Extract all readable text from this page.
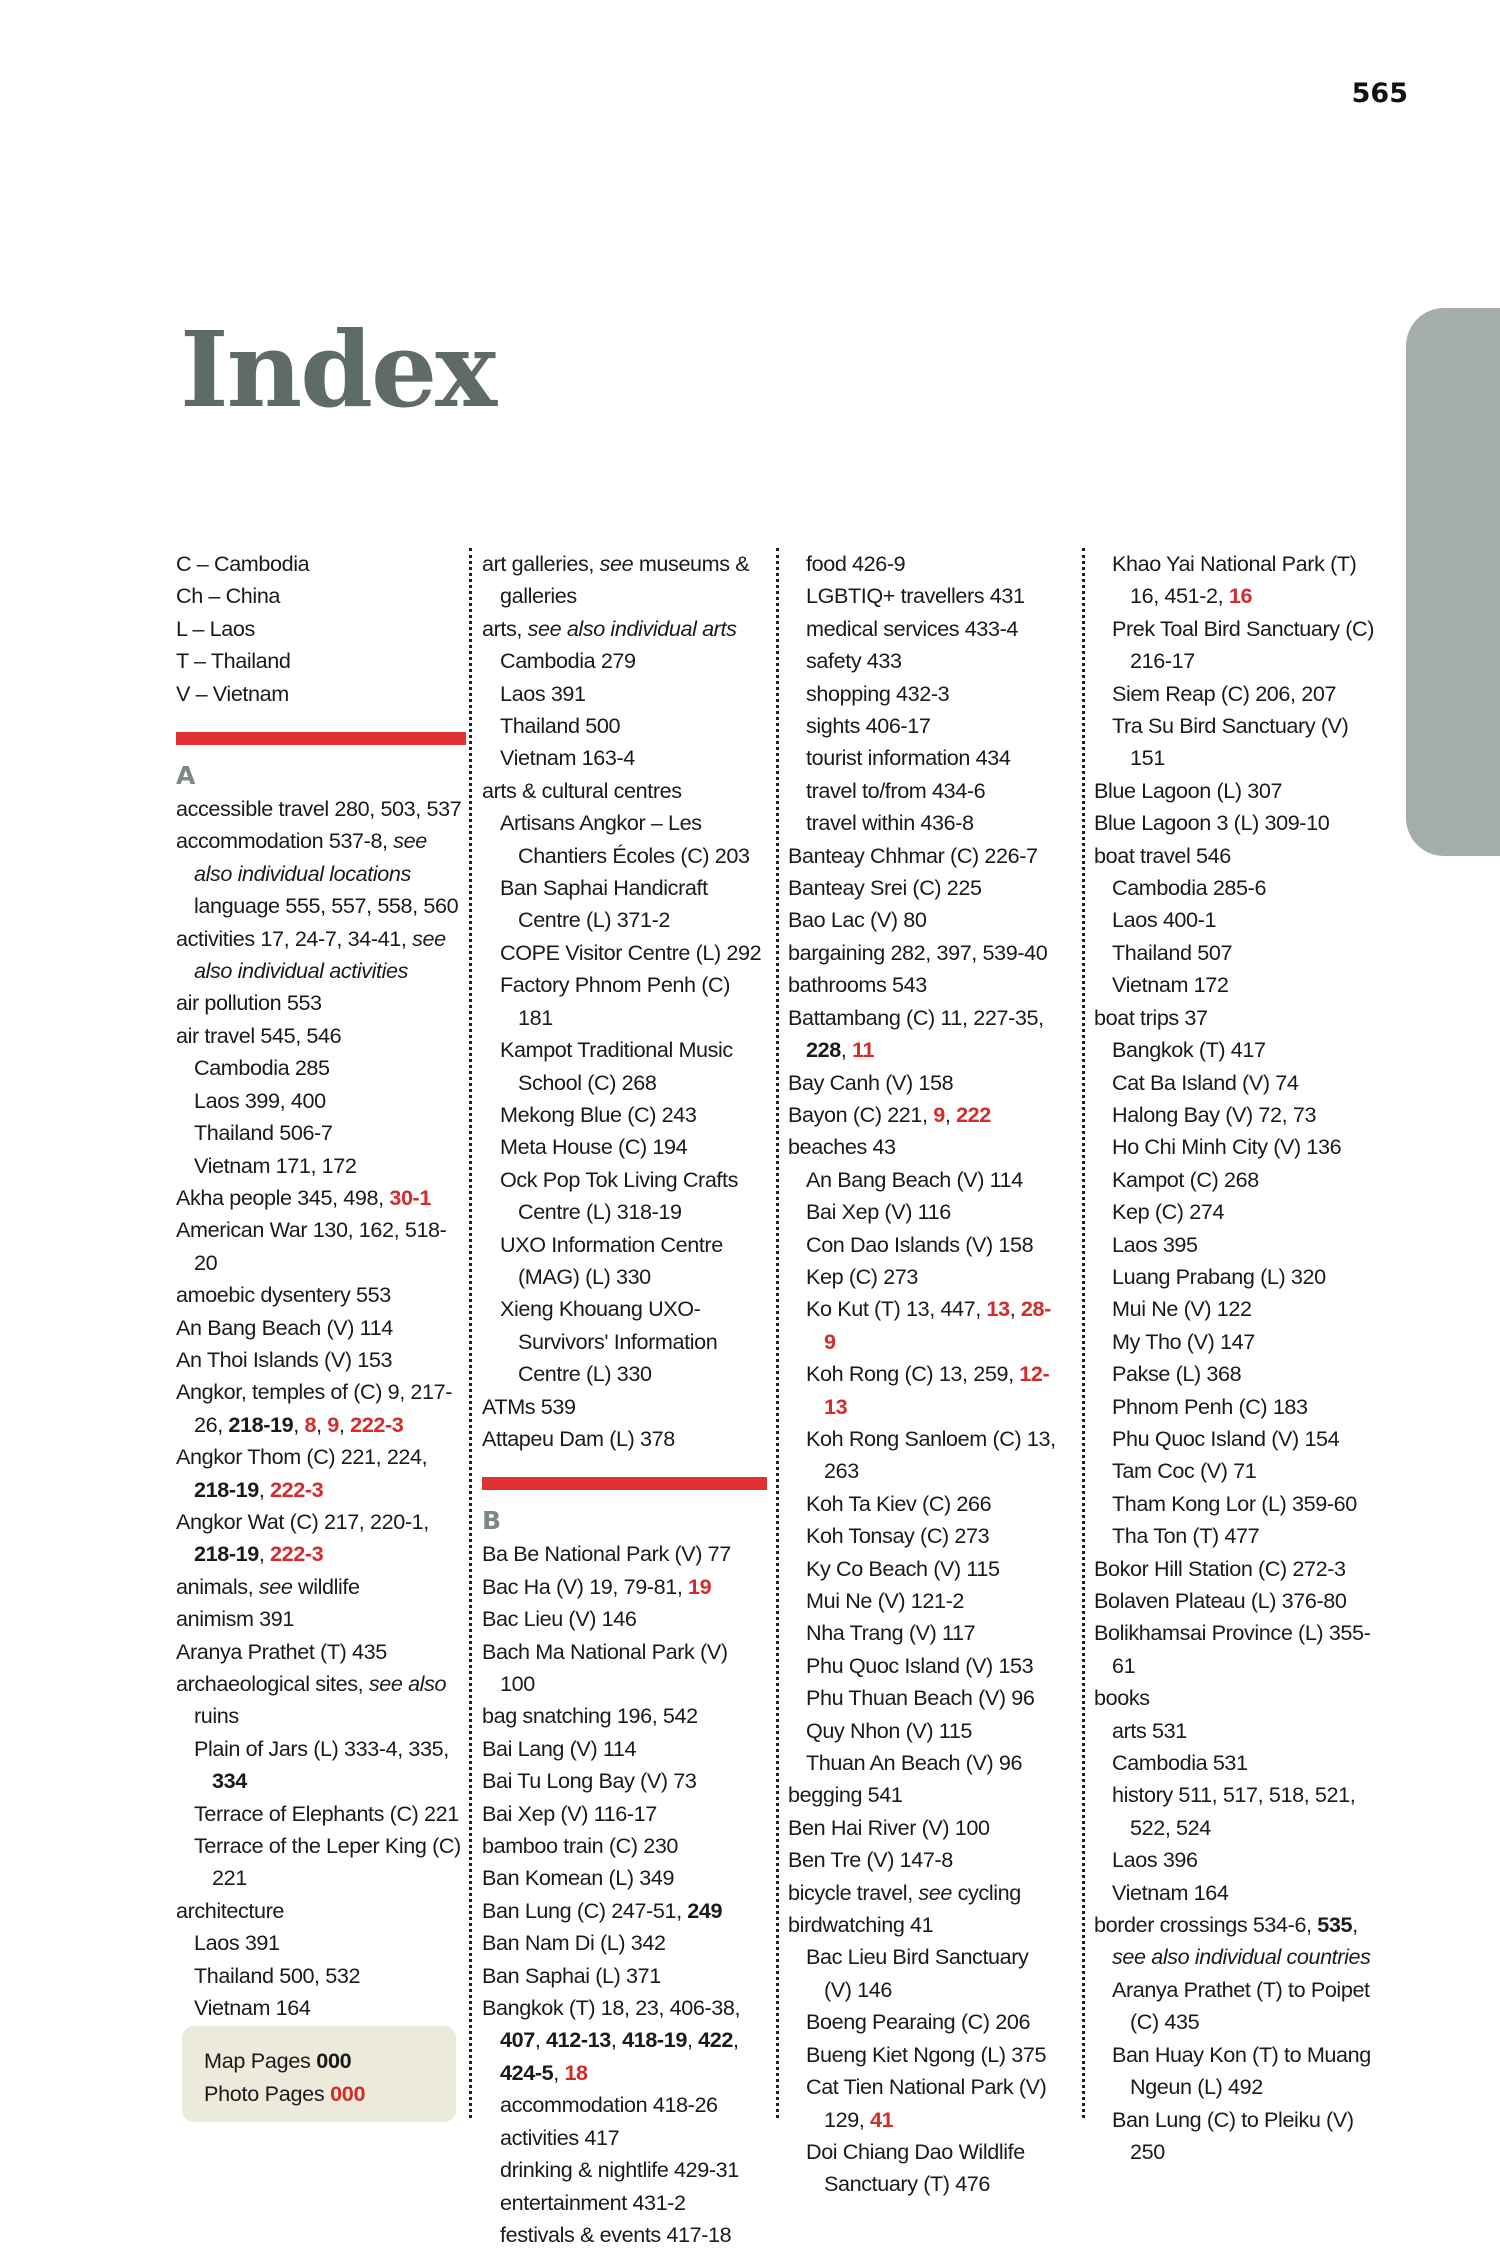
565
Index

C – Cambodia

Ch – China

L – Laos

T – Thailand

V – Vietnam

A

accessible travel 280, 503, 537

accommodation 537-8, see also individual locations

language 555, 557, 558, 560

activities 17, 24-7, 34-41, see also individual activities

air pollution 553

air travel 545, 546

Cambodia 285

Laos 399, 400

Thailand 506-7

Vietnam 171, 172

Akha people 345, 498, 30-1

American War 130, 162, 518-20

amoebic dysentery 553

An Bang Beach (V) 114

An Thoi Islands (V) 153

Angkor, temples of (C) 9, 217-26, 218-19, 8, 9, 222-3

Angkor Thom (C) 221, 224, 218-19, 222-3

Angkor Wat (C) 217, 220-1, 218-19, 222-3

animals, see wildlife

animism 391

Aranya Prathet (T) 435

archaeological sites, see also ruins

Plain of Jars (L) 333-4, 335, 334

Terrace of Elephants (C) 221

Terrace of the Leper King (C) 221

architecture

Laos 391

Thailand 500, 532

Vietnam 164

art galleries, see museums & galleries

arts, see also individual arts

Cambodia 279

Laos 391

Thailand 500

Vietnam 163-4

arts & cultural centres

Artisans Angkor – Les Chantiers Écoles (C) 203

Ban Saphai Handicraft Centre (L) 371-2

COPE Visitor Centre (L) 292

Factory Phnom Penh (C) 181

Kampot Traditional Music School (C) 268

Mekong Blue (C) 243

Meta House (C) 194

Ock Pop Tok Living Crafts Centre (L) 318-19

UXO Information Centre (MAG) (L) 330

Xieng Khouang UXO-Survivors' Information Centre (L) 330

ATMs 539

Attapeu Dam (L) 378

B

Ba Be National Park (V) 77

Bac Ha (V) 19, 79-81, 19

Bac Lieu (V) 146

Bach Ma National Park (V) 100

bag snatching 196, 542

Bai Lang (V) 114

Bai Tu Long Bay (V) 73

Bai Xep (V) 116-17

bamboo train (C) 230

Ban Komean (L) 349

Ban Lung (C) 247-51, 249

Ban Nam Di (L) 342

Ban Saphai (L) 371

Bangkok (T) 18, 23, 406-38, 407, 412-13, 418-19, 422, 424-5, 18

accommodation 418-26

activities 417

drinking & nightlife 429-31

entertainment 431-2

festivals & events 417-18

food 426-9

LGBTIQ+ travellers 431

medical services 433-4

safety 433

shopping 432-3

sights 406-17

tourist information 434

travel to/from 434-6

travel within 436-8

Banteay Chhmar (C) 226-7

Banteay Srei (C) 225

Bao Lac (V) 80

bargaining 282, 397, 539-40

bathrooms 543

Battambang (C) 11, 227-35, 228, 11

Bay Canh (V) 158

Bayon (C) 221, 9, 222

beaches 43

An Bang Beach (V) 114

Bai Xep (V) 116

Con Dao Islands (V) 158

Kep (C) 273

Ko Kut (T) 13, 447, 13, 28-9

Koh Rong (C) 13, 259, 12-13

Koh Rong Sanloem (C) 13, 263

Koh Ta Kiev (C) 266

Koh Tonsay (C) 273

Ky Co Beach (V) 115

Mui Ne (V) 121-2

Nha Trang (V) 117

Phu Quoc Island (V) 153

Phu Thuan Beach (V) 96

Quy Nhon (V) 115

Thuan An Beach (V) 96

begging 541

Ben Hai River (V) 100

Ben Tre (V) 147-8

bicycle travel, see cycling

birdwatching 41

Bac Lieu Bird Sanctuary (V) 146

Boeng Pearaing (C) 206

Bueng Kiet Ngong (L) 375

Cat Tien National Park (V) 129, 41

Doi Chiang Dao Wildlife Sanctuary (T) 476

Khao Yai National Park (T) 16, 451-2, 16

Prek Toal Bird Sanctuary (C) 216-17

Siem Reap (C) 206, 207

Tra Su Bird Sanctuary (V) 151

Blue Lagoon (L) 307

Blue Lagoon 3 (L) 309-10

boat travel 546

Cambodia 285-6

Laos 400-1

Thailand 507

Vietnam 172

boat trips 37

Bangkok (T) 417

Cat Ba Island (V) 74

Halong Bay (V) 72, 73

Ho Chi Minh City (V) 136

Kampot (C) 268

Kep (C) 274

Laos 395

Luang Prabang (L) 320

Mui Ne (V) 122

My Tho (V) 147

Pakse (L) 368

Phnom Penh (C) 183

Phu Quoc Island (V) 154

Tam Coc (V) 71

Tham Kong Lor (L) 359-60

Tha Ton (T) 477

Bokor Hill Station (C) 272-3

Bolaven Plateau (L) 376-80

Bolikhamsai Province (L) 355-61

books

arts 531

Cambodia 531

history 511, 517, 518, 521, 522, 524

Laos 396

Vietnam 164

border crossings 534-6, 535, see also individual countries

Aranya Prathet (T) to Poipet (C) 435

Ban Huay Kon (T) to Muang Ngeun (L) 492

Ban Lung (C) to Pleiku (V) 250

Map Pages 000
Photo Pages 000
